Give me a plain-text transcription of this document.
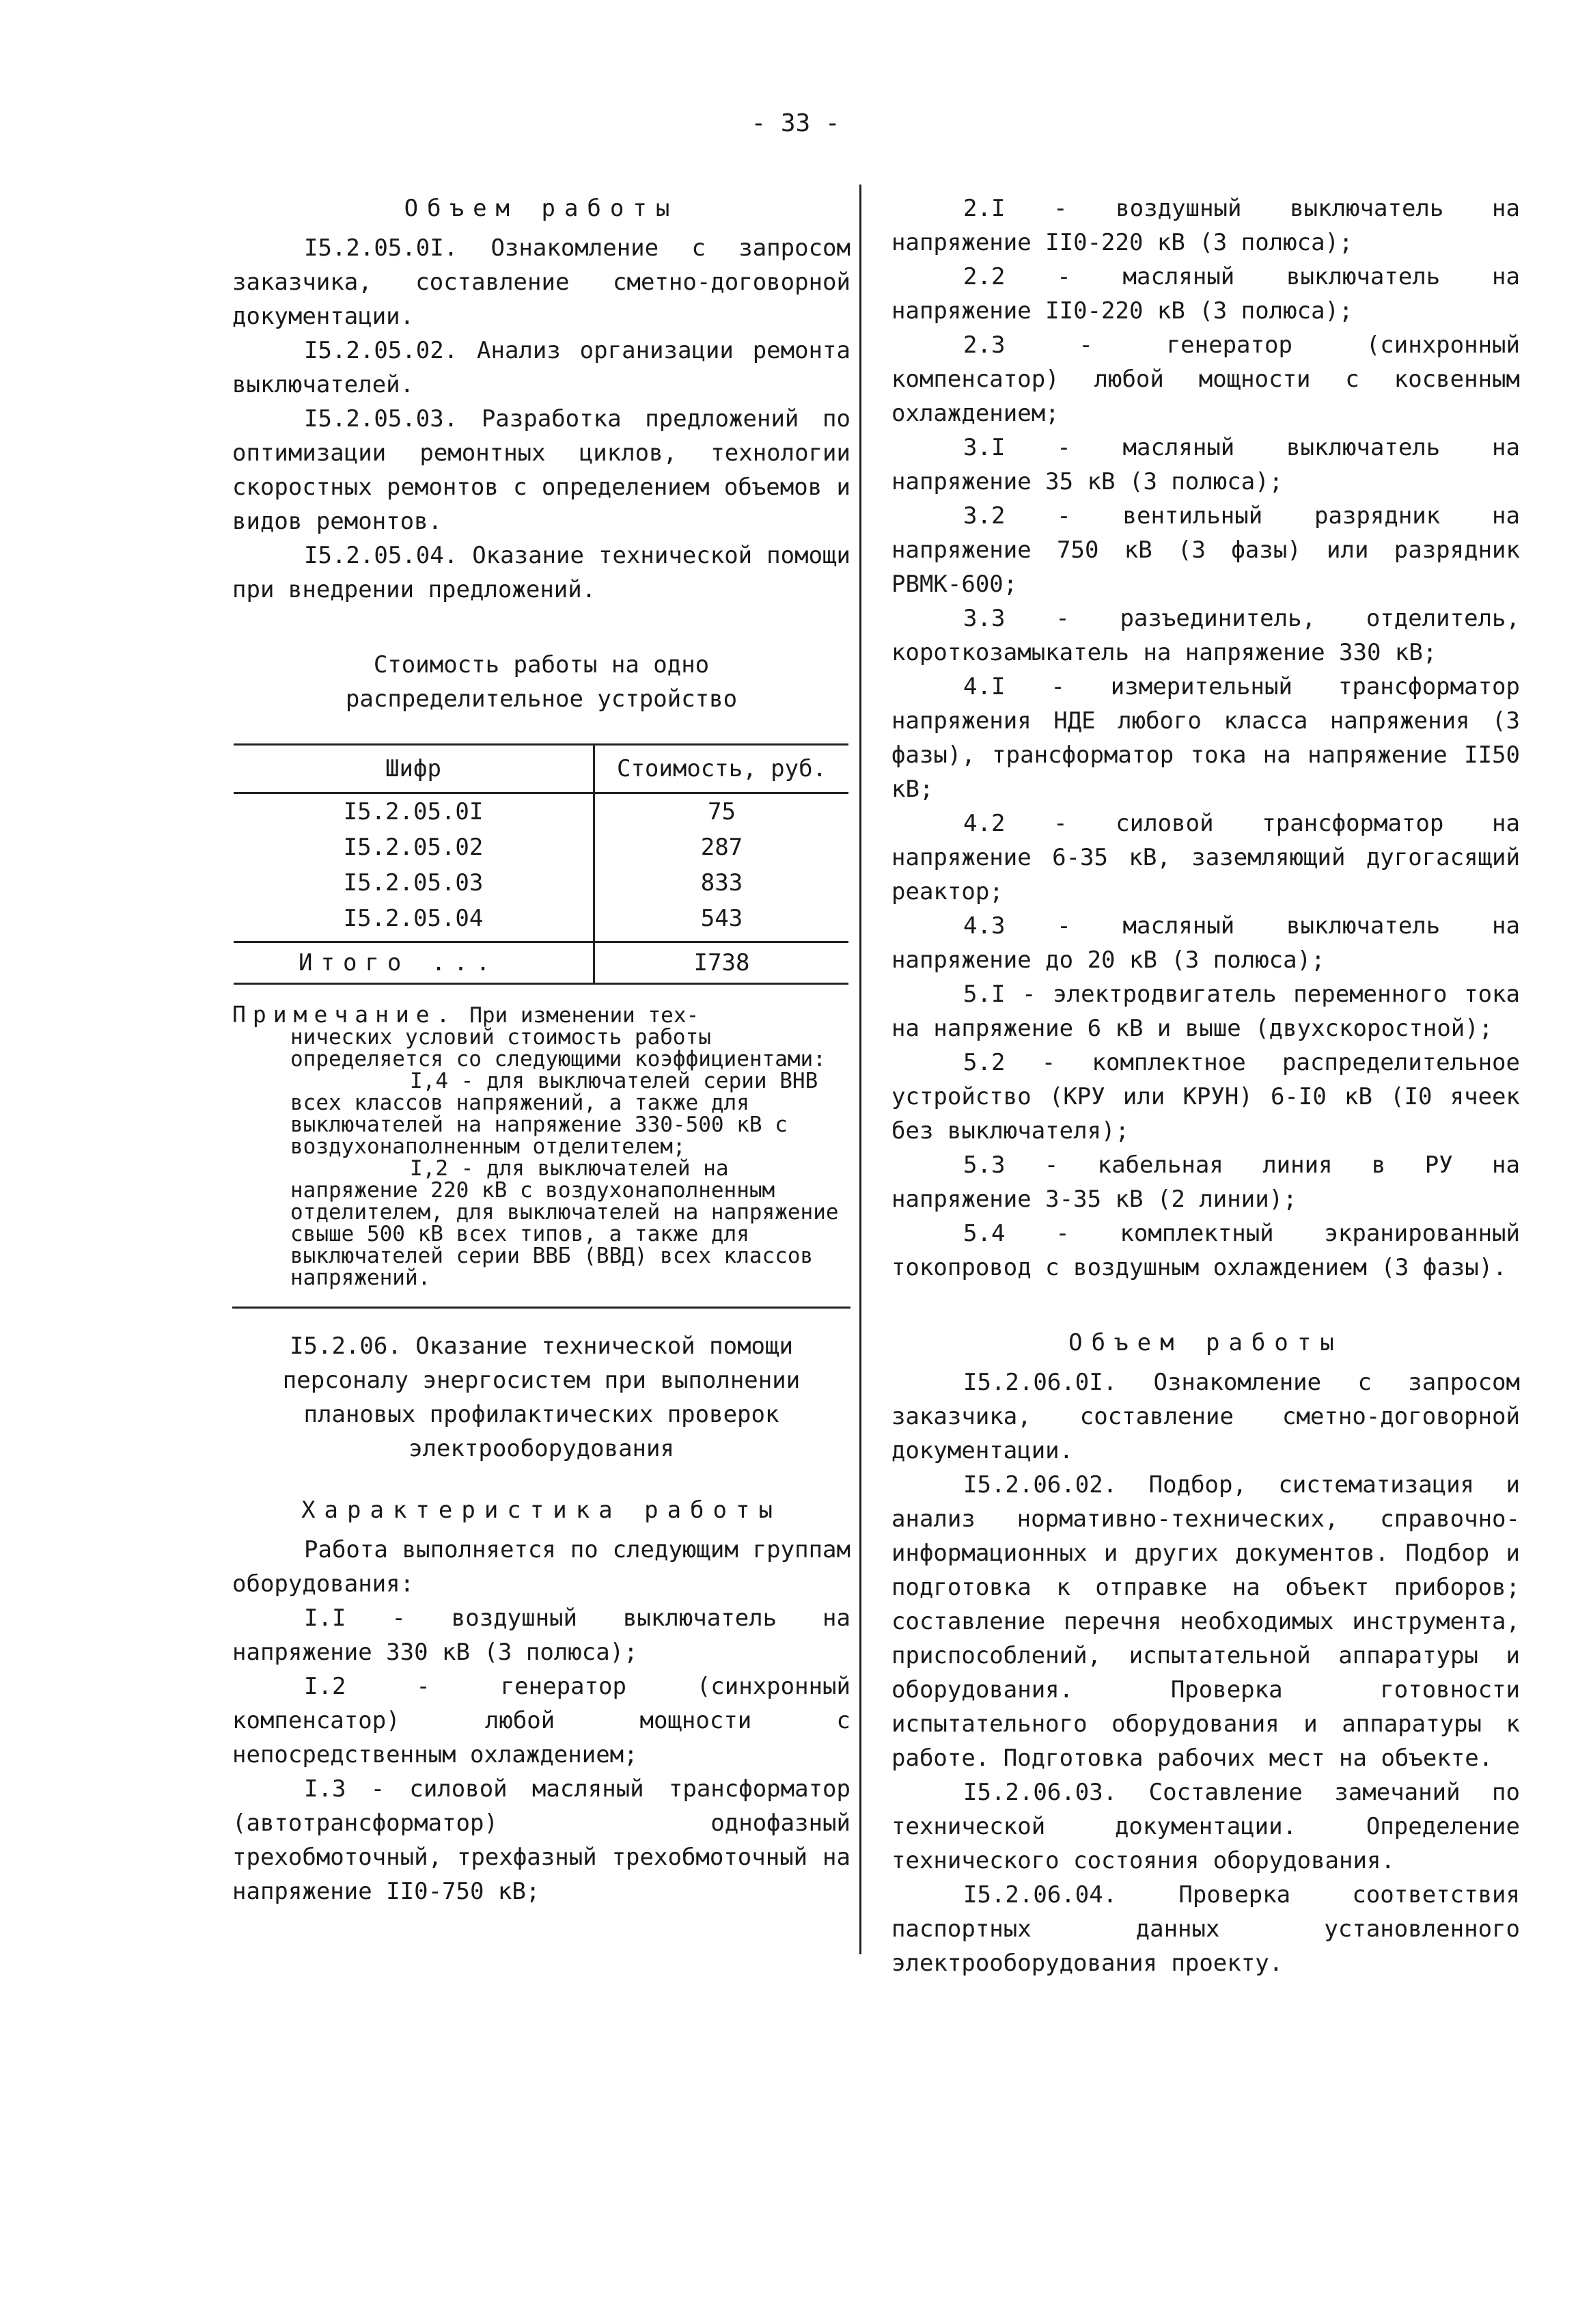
- 33 -
Объем работы

I5.2.05.0I. Ознакомление с запросом заказчика, составление сметно-договорной документации.

I5.2.05.02. Анализ организации ремонта выключателей.

I5.2.05.03. Разработка предложений по оптимизации ремонтных циклов, технологии скоростных ремонтов с определением объемов и видов ремонтов.

I5.2.05.04. Оказание технической помощи при внедрении предложений.

Стоимость работы на одно

распределительное устройство

Шифр	Стоимость, руб.
I5.2.05.0I	75
I5.2.05.02	287
I5.2.05.03	833
I5.2.05.04	543
Итого ...	I738

Примечание. При изменении тех-

нических условий стоимость работы определяется со следующими коэффициентами:

I,4 - для выключателей серии ВНВ всех классов напряжений, а также для выключателей на напряжение 330-500 кВ с воздухонаполненным отделителем;

I,2 - для выключателей на напряжение 220 кВ с воздухонаполненным отделителем, для выключателей на напряжение свыше 500 кВ всех типов, а также для выключателей серии ВВБ (ВВД) всех классов напряжений.

I5.2.06. Оказание технической помощи персоналу энергосистем при выполнении плановых профилактических проверок электрооборудования

Характеристика работы

Работа выполняется по следующим группам оборудования:

I.I - воздушный выключатель на напряжение 330 кВ (3 полюса);

I.2 - генератор (синхронный компенсатор) любой мощности с непосредственным охлаждением;

I.3 - силовой масляный трансформатор (автотрансформатор) однофазный трехобмоточный, трехфазный трехобмоточный на напряжение II0-750 кВ;

2.I - воздушный выключатель на напряжение II0-220 кВ (3 полюса);

2.2 - масляный выключатель на напряжение II0-220 кВ (3 полюса);

2.3 - генератор (синхронный компенсатор) любой мощности с косвенным охлаждением;

3.I - масляный выключатель на напряжение 35 кВ (3 полюса);

3.2 - вентильный разрядник на напряжение 750 кВ (3 фазы) или разрядник РВМК-600;

3.3 - разъединитель, отделитель, короткозамыкатель на напряжение 330 кВ;

4.I - измерительный трансформатор напряжения НДЕ любого класса напряжения (3 фазы), трансформатор тока на напряжение II50 кВ;

4.2 - силовой трансформатор на напряжение 6-35 кВ, заземляющий дугогасящий реактор;

4.3 - масляный выключатель на напряжение до 20 кВ (3 полюса);

5.I - электродвигатель переменного тока на напряжение 6 кВ и выше (двухскоростной);

5.2 - комплектное распределительное устройство (КРУ или КРУН) 6-I0 кВ (I0 ячеек без выключателя);

5.3 - кабельная линия в РУ на напряжение 3-35 кВ (2 линии);

5.4 - комплектный экранированный токопровод с воздушным охлаждением (3 фазы).

Объем работы

I5.2.06.0I. Ознакомление с запросом заказчика, составление сметно-договорной документации.

I5.2.06.02. Подбор, систематизация и анализ нормативно-технических, справочно-информационных и других документов. Подбор и подготовка к отправке на объект приборов; составление перечня необходимых инструмента, приспособлений, испытательной аппаратуры и оборудования. Проверка готовности испытательного оборудования и аппаратуры к работе. Подготовка рабочих мест на объекте.

I5.2.06.03. Составление замечаний по технической документации. Определение технического состояния оборудования.

I5.2.06.04. Проверка соответствия паспортных данных установленного электрооборудования проекту.
